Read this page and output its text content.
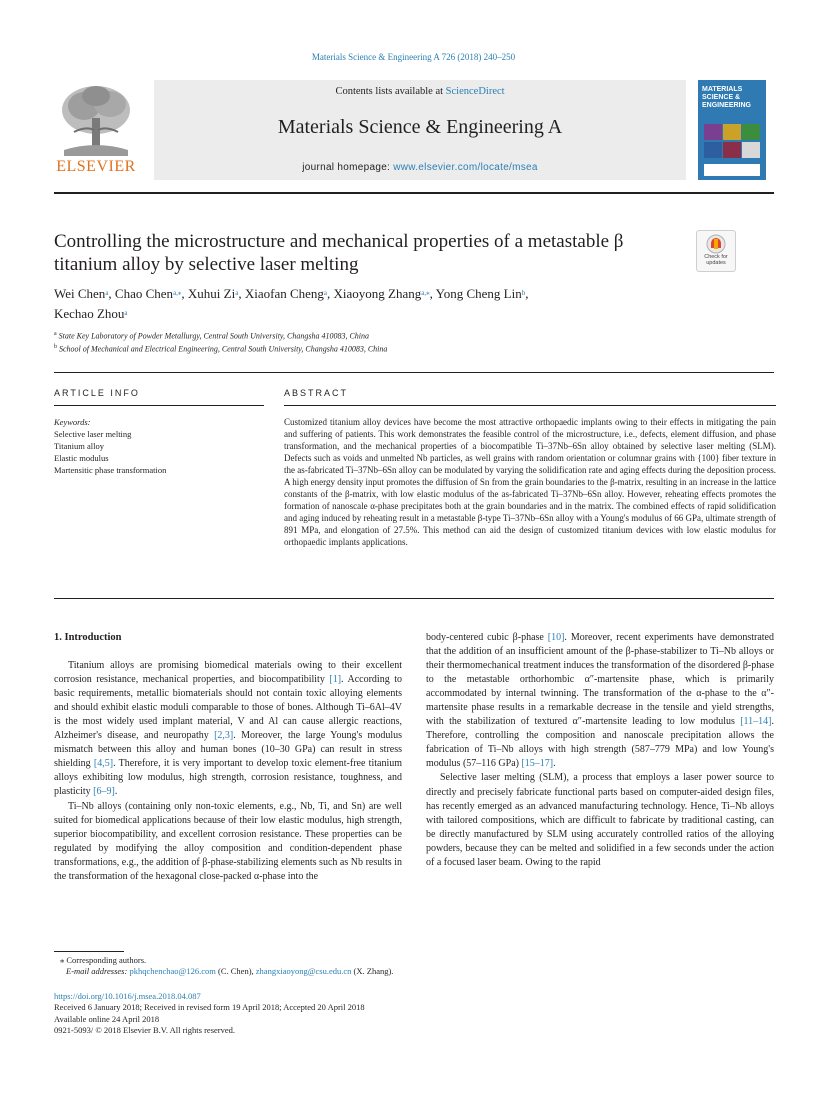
Materials Science & Engineering A 726 (2018) 240–250
ELSEVIER
Contents lists available at ScienceDirect
Materials Science & Engineering A
journal homepage: www.elsevier.com/locate/msea
MATERIALS SCIENCE & ENGINEERING
Controlling the microstructure and mechanical properties of a metastable β titanium alloy by selective laser melting	Check for updates
Wei Chen$^a$, Chao Chen$^{a,⁎}$, Xuhui Zi$^a$, Xiaofan Cheng$^a$, Xiaoyong Zhang$^{a,⁎}$, Yong Cheng Lin$^b$,
Kechao Zhou$^a$
$^a$ State Key Laboratory of Powder Metallurgy, Central South University, Changsha 410083, China
$^b$ School of Mechanical and Electrical Engineering, Central South University, Changsha 410083, China
ARTICLE INFO
Keywords:
Selective laser melting
Titanium alloy
Elastic modulus
Martensitic phase transformation
ABSTRACT
Customized titanium alloy devices have become the most attractive orthopaedic implants owing to their effects in mitigating the pain and suffering of patients. This work demonstrates the feasible control of the microstructure, i.e., defects, element diffusion, and phase transformation, and the mechanical properties of a biocompatible Ti–37Nb–6Sn alloy obtained by selective laser melting (SLM). Defects such as voids and unmelted Nb particles, as well grains with random orientation or columnar grains with {100} fiber texture in the as-fabricated Ti–37Nb–6Sn alloy can be modulated by varying the solidification rate and aging effects during the deposition process. A high energy density input promotes the diffusion of Sn from the grain boundaries to the β-matrix, resulting in an increase in the lattice constants of the β-matrix, with low elastic modulus of the as-fabricated Ti–37Nb–6Sn alloy. However, reheating effects promotes the formation of nanoscale α-phase precipitates both at the grain boundaries and in the matrix. The combined effects of rapid solidification and aging induced by reheating result in a metastable β-type Ti–37Nb–6Sn alloy with a Young's modulus of 66 GPa, ultimate strength of 891 MPa, and elongation of 27.5%. This method can aid the design of customized titanium devices with low elastic modulus for orthopaedic implants applications.

1. Introduction

Titanium alloys are promising biomedical materials owing to their excellent corrosion resistance, mechanical properties, and biocompatibility [1]. According to basic requirements, metallic biomaterials should not contain toxic alloying elements and should exhibit elastic moduli comparable to those of bones. Although Ti–6Al–4V is the most widely used implant material, V and Al can cause allergic reactions, Alzheimer's disease, and neuropathy [2,3]. Moreover, the large Young's modulus mismatch between this alloy and human bones (10–30 GPa) can result in stress shielding [4,5]. Therefore, it is very important to develop toxic element-free titanium alloys exhibiting low modulus, high strength, corrosion resistance, toughness, and plasticity [6–9].

Ti–Nb alloys (containing only non-toxic elements, e.g., Nb, Ti, and Sn) are well suited for biomedical applications because of their low elastic modulus, high strength, superior biocompatibility, and excellent corrosion resistance. These properties can be regulated by modifying the alloy composition and condition-dependent phase transformations, e.g., the addition of β-phase-stabilizing elements such as Nb results in the transformation of the hexagonal close-packed α-phase into the

body-centered cubic β-phase [10]. Moreover, recent experiments have demonstrated that the addition of an insufficient amount of the β-phase-stabilizer to Ti–Nb alloys or their thermomechanical treatment induces the transformation of the disordered β-phase to the metastable orthorhombic α″-martensite phase, which is primarily accommodated by internal twinning. The transformation of the α-phase to the α″-martensite phase results in a remarkable decrease in the tensile and yield strengths, with the stabilization of textured α″-martensite leading to low modulus [11–14]. Therefore, controlling the composition and nanoscale precipitation allows the fabrication of Ti–Nb alloys with high strength (587–779 MPa) and low Young's modulus (57–116 GPa) [15–17].

Selective laser melting (SLM), a process that employs a laser power source to directly and precisely fabricate functional parts based on computer-aided design files, has recently emerged as an advanced manufacturing technology. Hence, Ti–Nb alloys with tailored compositions, which are difficult to fabricate by traditional casting, can be directly manufactured by SLM using accurately controlled ratios of the alloying powders, because they can be melted and solidified in a few seconds under the action of a focused laser beam. Owing to the rapid

⁎ Corresponding authors.
E-mail addresses: pkhqchenchao@126.com (C. Chen), zhangxiaoyong@csu.edu.cn (X. Zhang).
https://doi.org/10.1016/j.msea.2018.04.087
Received 6 January 2018; Received in revised form 19 April 2018; Accepted 20 April 2018
Available online 24 April 2018
0921-5093/ © 2018 Elsevier B.V. All rights reserved.
